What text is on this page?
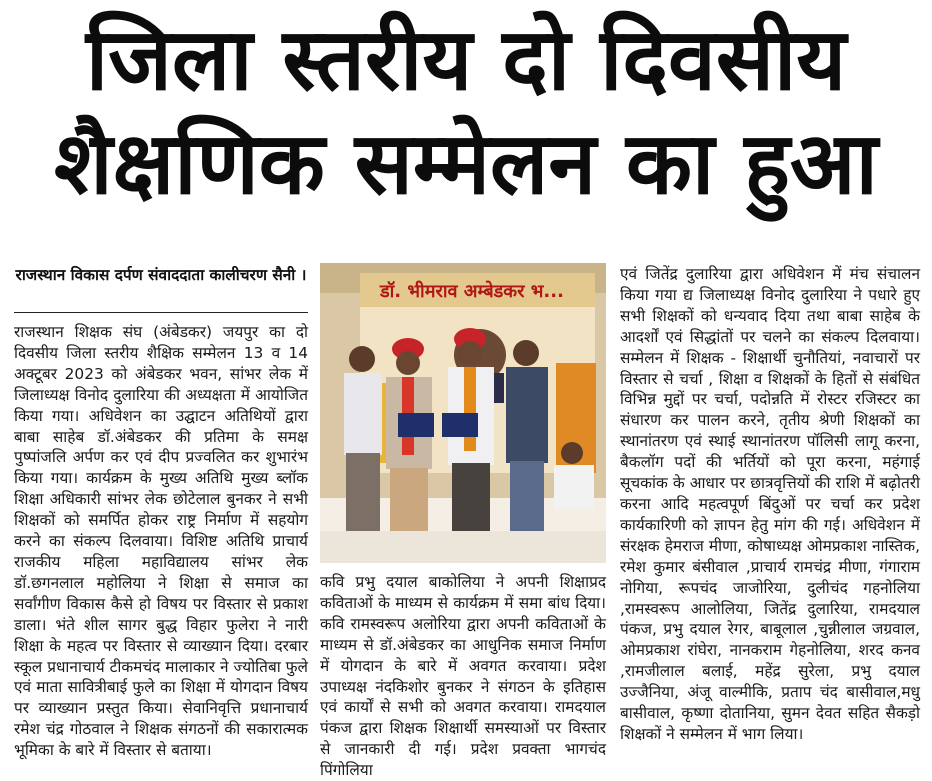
जिला स्तरीय दो दिवसीय
शैक्षणिक सम्मेलन का हुआ
राजस्थान विकास दर्पण संवाददाता कालीचरण सैनी ।
राजस्थान शिक्षक संघ (अंबेडकर) जयपुर का दो दिवसीय जिला स्तरीय शैक्षिक सम्मेलन 13 व 14 अक्टूबर 2023 को अंबेडकर भवन, सांभर लेक में जिलाध्यक्ष विनोद दुलारिया की अध्यक्षता में आयोजित किया गया। अधिवेशन का उद्घाटन अतिथियों द्वारा बाबा साहेब डॉ.अंबेडकर की प्रतिमा के समक्ष पुष्पांजलि अर्पण कर एवं दीप प्रज्वलित कर शुभारंभ किया गया। कार्यक्रम के मुख्य अतिथि मुख्य ब्लॉक शिक्षा अधिकारी सांभर लेक छोटेलाल बुनकर ने सभी शिक्षकों को समर्पित होकर राष्ट्र निर्माण में सहयोग करने का संकल्प दिलवाया। विशिष्ट अतिथि प्राचार्य राजकीय महिला महाविद्यालय सांभर लेक डॉ.छगनलाल महोलिया ने शिक्षा से समाज का सर्वांगीण विकास कैसे हो विषय पर विस्तार से प्रकाश डाला। भंते शील सागर बुद्ध विहार फुलेरा ने नारी शिक्षा के महत्व पर विस्तार से व्याख्यान दिया। दरबार स्कूल प्रधानाचार्य टीकमचंद मालाकार ने ज्योतिबा फुले एवं माता सावित्रीबाई फुले का शिक्षा में योगदान विषय पर व्याख्यान प्रस्तुत किया। सेवानिवृत्ति प्रधानाचार्य रमेश चंद्र गोठवाल ने शिक्षक संगठनों की सकारात्मक भूमिका के बारे में विस्तार से बताया।
डॉ. भीमराव अम्बेडकर भ...
कवि प्रभु दयाल बाकोलिया ने अपनी शिक्षाप्रद कविताओं के माध्यम से कार्यक्रम में समा बांध दिया। कवि रामस्वरूप अलोरिया द्वारा अपनी कविताओं के माध्यम से डॉ.अंबेडकर का आधुनिक समाज निर्माण में योगदान के बारे में अवगत करवाया। प्रदेश उपाध्यक्ष नंदकिशोर बुनकर ने संगठन के इतिहास एवं कार्यों से सभी को अवगत करवाया। रामदयाल पंकज द्वारा शिक्षक शिक्षार्थी समस्याओं पर विस्तार से जानकारी दी गई। प्रदेश प्रवक्ता भागचंद पिंगोलिया
एवं जितेंद्र दुलारिया द्वारा अधिवेशन में मंच संचालन किया गया द्य जिलाध्यक्ष विनोद दुलारिया ने पधारे हुए सभी शिक्षकों को धन्यवाद दिया तथा बाबा साहेब के आदर्शों एवं सिद्धांतों पर चलने का संकल्प दिलवाया। सम्मेलन में शिक्षक - शिक्षार्थी चुनौतियां, नवाचारों पर विस्तार से चर्चा , शिक्षा व शिक्षकों के हितों से संबंधित विभिन्न मुद्दों पर चर्चा, पदोन्नति में रोस्टर रजिस्टर का संधारण कर पालन करने, तृतीय श्रेणी शिक्षकों का स्थानांतरण एवं स्थाई स्थानांतरण पॉलिसी लागू करना, बैकलॉग पदों की भर्तियों को पूरा करना, महंगाई सूचकांक के आधार पर छात्रवृत्तियों की राशि में बढ़ोतरी करना आदि महत्वपूर्ण बिंदुओं पर चर्चा कर प्रदेश कार्यकारिणी को ज्ञापन हेतु मांग की गई। अधिवेशन में संरक्षक हेमराज मीणा, कोषाध्यक्ष ओमप्रकाश नास्तिक, रमेश कुमार बंसीवाल ,प्राचार्य रामचंद्र मीणा, गंगाराम नोगिया, रूपचंद जाजोरिया, दुलीचंद गहनोलिया ,रामस्वरूप आलोलिया, जितेंद्र दुलारिया, रामदयाल पंकज, प्रभु दयाल रेगर, बाबूलाल ,चुन्नीलाल जग्रवाल, ओमप्रकाश रांघेरा, नानकराम गेहनोलिया, शरद कनव ,रामजीलाल बलाई, महेंद्र सुरेला, प्रभु दयाल उज्जैनिया, अंजू वाल्मीकि, प्रताप चंद बासीवाल,मधु बासीवाल, कृष्णा दोतानिया, सुमन देवत सहित सैकड़ो शिक्षकों ने सम्मेलन में भाग लिया।
